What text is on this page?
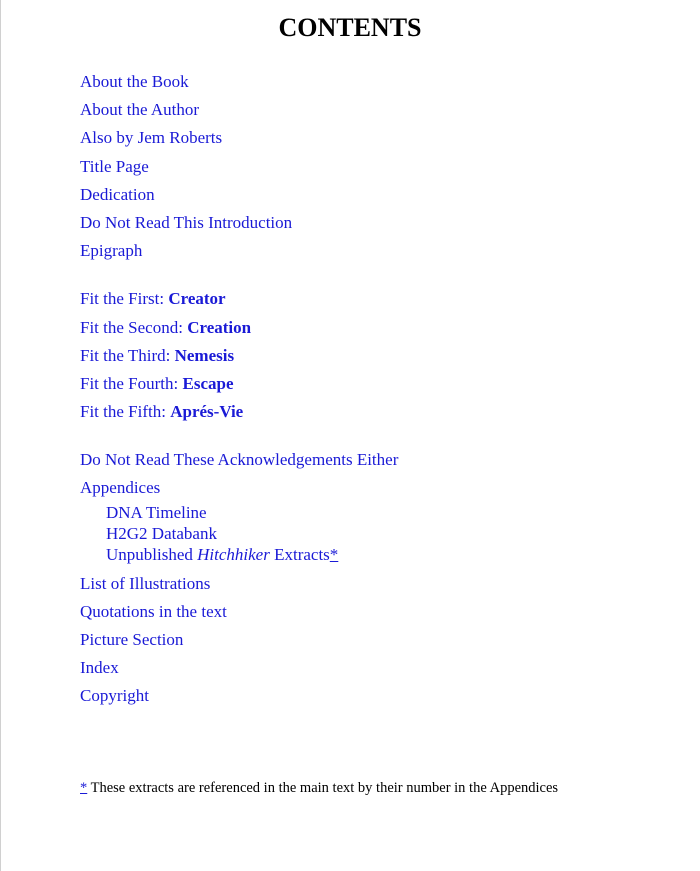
CONTENTS
About the Book
About the Author
Also by Jem Roberts
Title Page
Dedication
Do Not Read This Introduction
Epigraph
Fit the First: Creator
Fit the Second: Creation
Fit the Third: Nemesis
Fit the Fourth: Escape
Fit the Fifth: Aprés-Vie
Do Not Read These Acknowledgements Either
Appendices
DNA Timeline
H2G2 Databank
Unpublished Hitchhiker Extracts*
List of Illustrations
Quotations in the text
Picture Section
Index
Copyright
* These extracts are referenced in the main text by their number in the Appendices
